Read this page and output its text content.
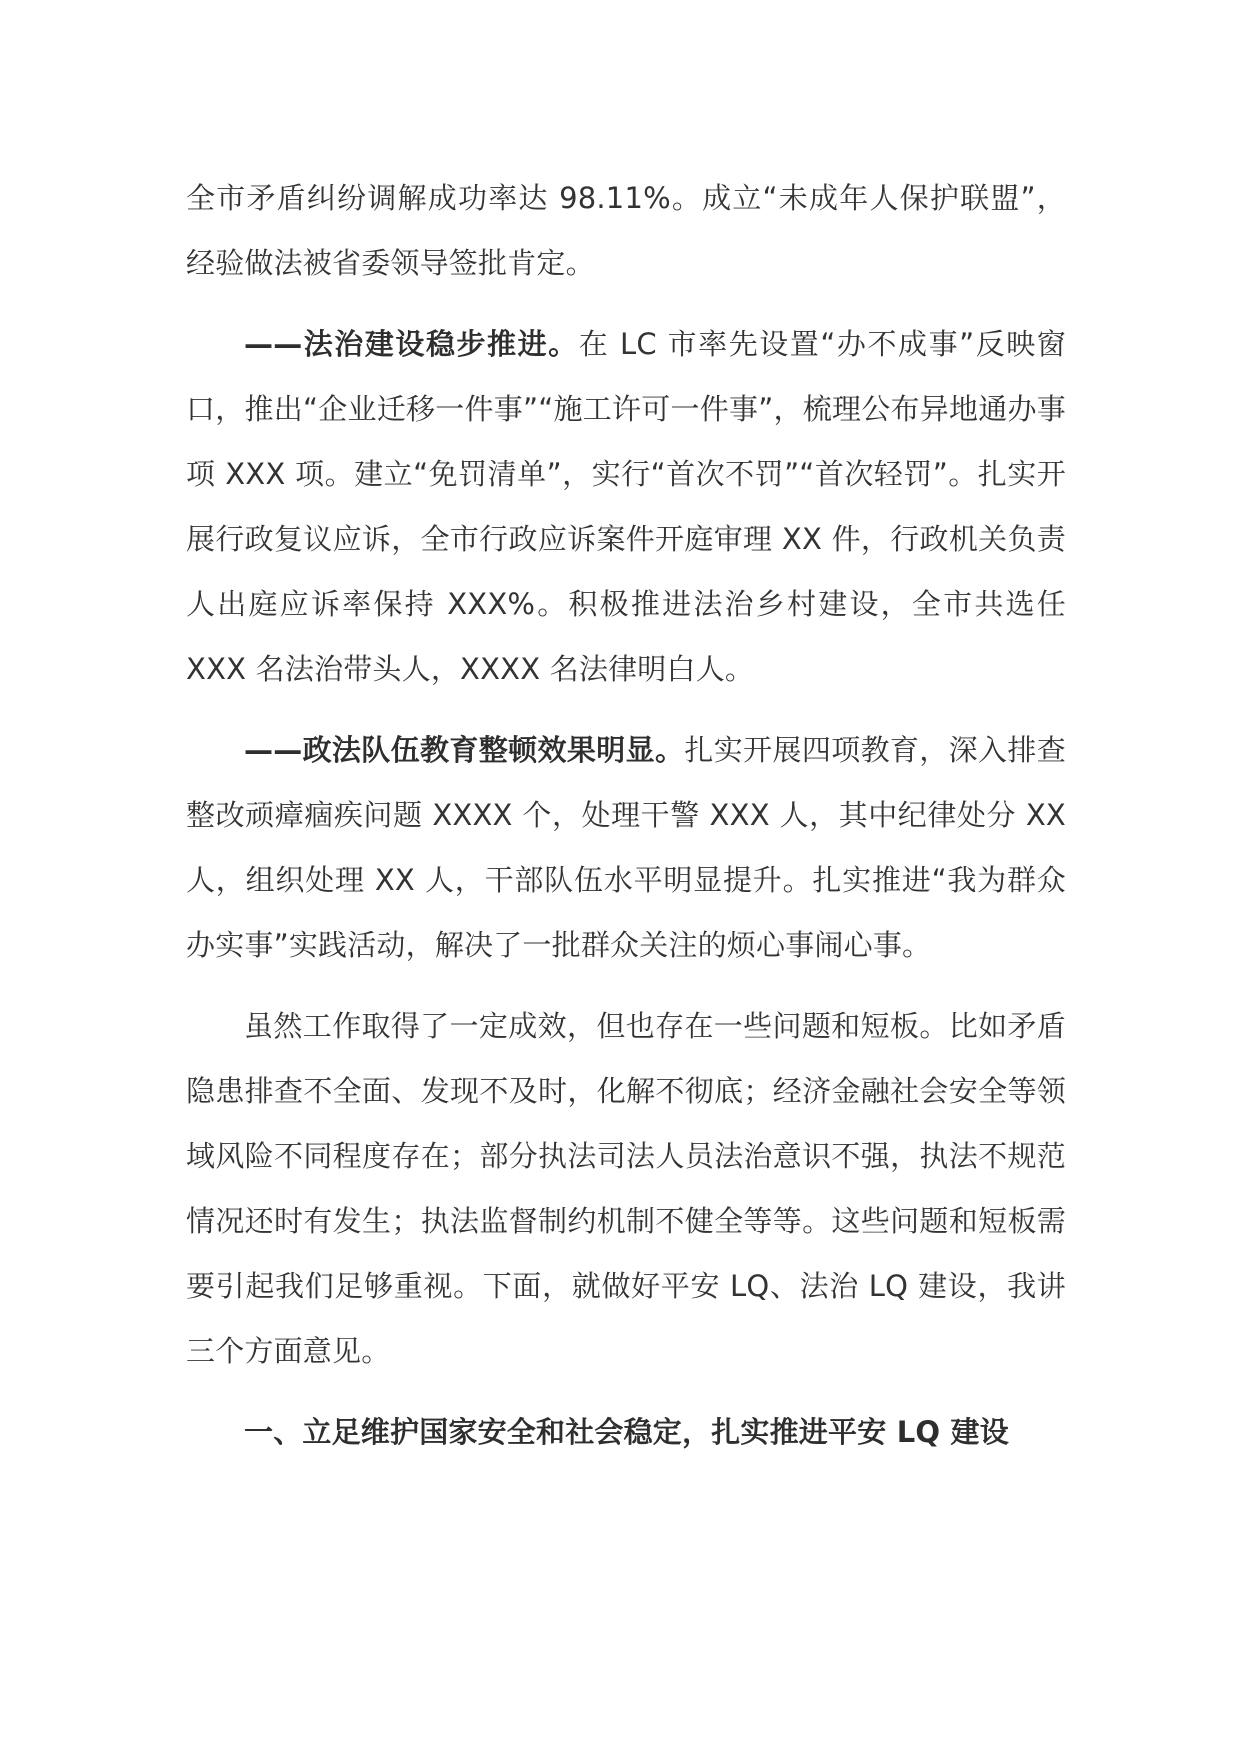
全市矛盾纠纷调解成功率达 98.11%。成立“未成年人保护联盟”，经验做法被省委领导签批肯定。

——法治建设稳步推进。在 LC 市率先设置“办不成事”反映窗口，推出“企业迁移一件事”“施工许可一件事”，梳理公布异地通办事项 XXX 项。建立“免罚清单”，实行“首次不罚”“首次轻罚”。扎实开展行政复议应诉，全市行政应诉案件开庭审理 XX 件，行政机关负责人出庭应诉率保持 XXX%。积极推进法治乡村建设，全市共选任 XXX 名法治带头人，XXXX 名法律明白人。

——政法队伍教育整顿效果明显。扎实开展四项教育，深入排查整改顽瘴痼疾问题 XXXX 个，处理干警 XXX 人，其中纪律处分 XX 人，组织处理 XX 人，干部队伍水平明显提升。扎实推进“我为群众办实事”实践活动，解决了一批群众关注的烦心事闹心事。

虽然工作取得了一定成效，但也存在一些问题和短板。比如矛盾隐患排查不全面、发现不及时，化解不彻底；经济金融社会安全等领域风险不同程度存在；部分执法司法人员法治意识不强，执法不规范情况还时有发生；执法监督制约机制不健全等等。这些问题和短板需要引起我们足够重视。下面，就做好平安 LQ、法治 LQ 建设，我讲三个方面意见。

一、立足维护国家安全和社会稳定，扎实推进平安 LQ 建设
